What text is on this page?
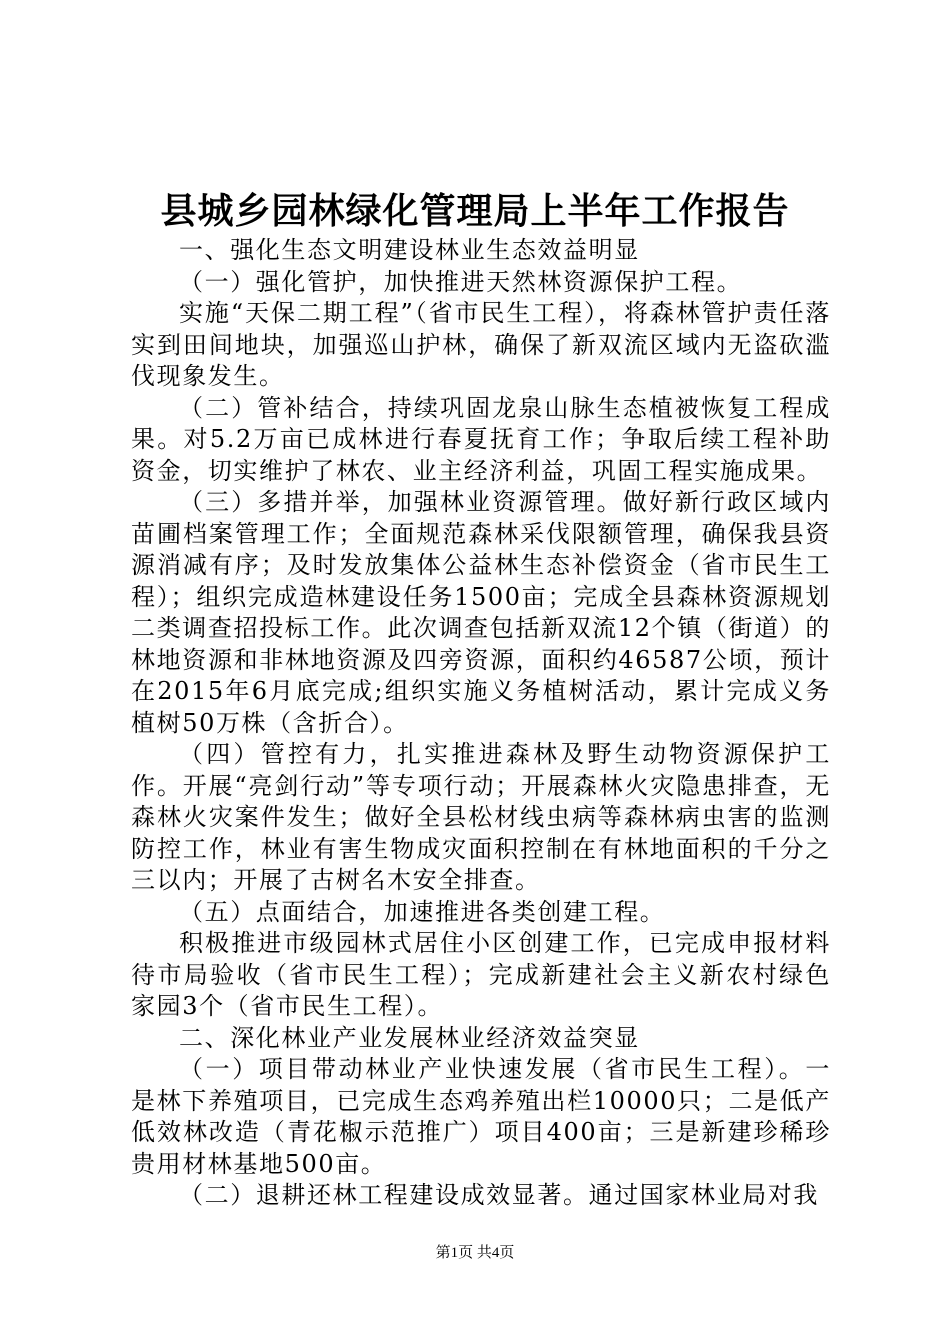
县城乡园林绿化管理局上半年工作报告

一、强化生态文明建设林业生态效益明显

（一）强化管护，加快推进天然林资源保护工程。

实施“天保二期工程”（省市民生工程），将森林管护责任落实到田间地块，加强巡山护林，确保了新双流区域内无盗砍滥伐现象发生。

（二）管补结合，持续巩固龙泉山脉生态植被恢复工程成果。对5.2万亩已成林进行春夏抚育工作；争取后续工程补助资金，切实维护了林农、业主经济利益，巩固工程实施成果。

（三）多措并举，加强林业资源管理。做好新行政区域内苗圃档案管理工作；全面规范森林采伐限额管理，确保我县资源消减有序；及时发放集体公益林生态补偿资金（省市民生工程）；组织完成造林建设任务1500亩；完成全县森林资源规划二类调查招投标工作。此次调查包括新双流12个镇（街道）的林地资源和非林地资源及四旁资源，面积约46587公顷，预计在2015年6月底完成;组织实施义务植树活动，累计完成义务植树50万株（含折合）。

（四）管控有力，扎实推进森林及野生动物资源保护工作。开展“亮剑行动”等专项行动；开展森林火灾隐患排查，无森林火灾案件发生；做好全县松材线虫病等森林病虫害的监测防控工作，林业有害生物成灾面积控制在有林地面积的千分之三以内；开展了古树名木安全排查。

（五）点面结合，加速推进各类创建工程。

积极推进市级园林式居住小区创建工作，已完成申报材料待市局验收（省市民生工程）；完成新建社会主义新农村绿色家园3个（省市民生工程）。

二、深化林业产业发展林业经济效益突显

（一）项目带动林业产业快速发展（省市民生工程）。一是林下养殖项目，已完成生态鸡养殖出栏10000只；二是低产低效林改造（青花椒示范推广）项目400亩；三是新建珍稀珍贵用材林基地500亩。

（二）退耕还林工程建设成效显著。通过国家林业局对我

第1页 共4页
